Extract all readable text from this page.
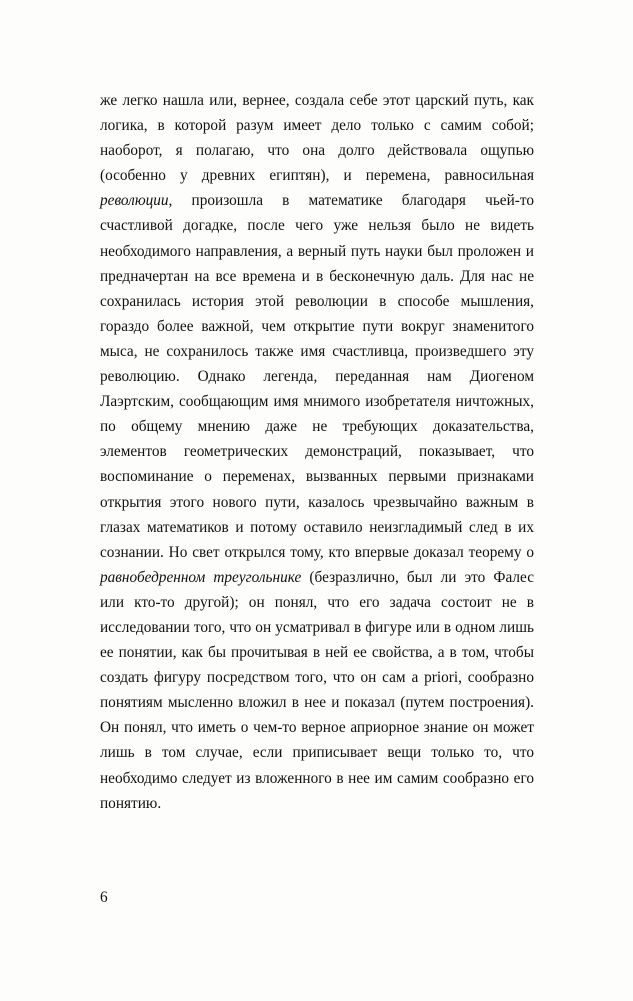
же легко нашла или, вернее, создала себе этот царский путь, как логика, в которой разум имеет дело только с самим собой; наоборот, я полагаю, что она долго действовала ощупью (особенно у древних египтян), и перемена, равносильная революции, произошла в математике благодаря чьей-то счастливой догадке, после чего уже нельзя было не видеть необходимого направления, а верный путь науки был проложен и предначертан на все времена и в бесконечную даль. Для нас не сохранилась история этой революции в способе мышления, гораздо более важной, чем открытие пути вокруг знаменитого мыса, не сохранилось также имя счастливца, произведшего эту революцию. Однако легенда, переданная нам Диогеном Лаэртским, сообщающим имя мнимого изобретателя ничтожных, по общему мнению даже не требующих доказательства, элементов геометрических демонстраций, показывает, что воспоминание о переменах, вызванных первыми признаками открытия этого нового пути, казалось чрезвычайно важным в глазах математиков и потому оставило неизгладимый след в их сознании. Но свет открылся тому, кто впервые доказал теорему о равнобедренном треугольнике (безразлично, был ли это Фалес или кто-то другой); он понял, что его задача состоит не в исследовании того, что он усматривал в фигуре или в одном лишь ее понятии, как бы прочитывая в ней ее свойства, а в том, чтобы создать фигуру посредством того, что он сам a priori, сообразно понятиям мысленно вложил в нее и показал (путем построения). Он понял, что иметь о чем-то верное априорное знание он может лишь в том случае, если приписывает вещи только то, что необходимо следует из вложенного в нее им самим сообразно его понятию.

6
